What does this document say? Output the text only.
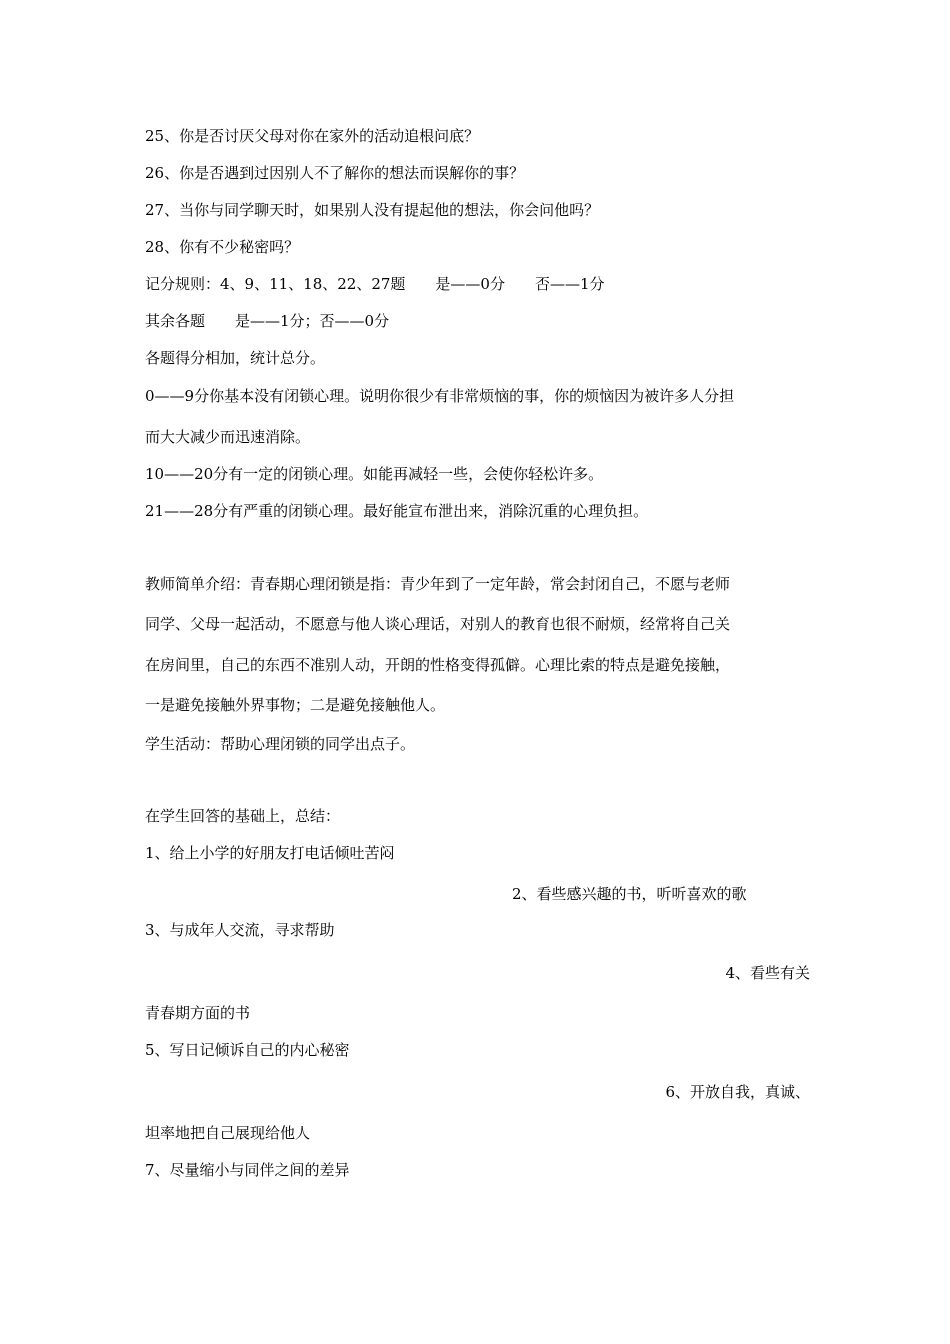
25、你是否讨厌父母对你在家外的活动追根问底？
26、你是否遇到过因别人不了解你的想法而误解你的事？
27、当你与同学聊天时，如果别人没有提起他的想法，你会问他吗？
28、你有不少秘密吗？
记分规则：4、9、11、18、22、27题　　是——0分　　否——1分
其余各题　　是——1分；否——0分
各题得分相加，统计总分。
0——9分你基本没有闭锁心理。说明你很少有非常烦恼的事，你的烦恼因为被许多人分担
而大大减少而迅速消除。
10——20分有一定的闭锁心理。如能再减轻一些，会使你轻松许多。
21——28分有严重的闭锁心理。最好能宣布泄出来，消除沉重的心理负担。
教师简单介绍：青春期心理闭锁是指：青少年到了一定年龄，常会封闭自己，不愿与老师
同学、父母一起活动，不愿意与他人谈心理话，对别人的教育也很不耐烦，经常将自己关
在房间里，自己的东西不准别人动，开朗的性格变得孤僻。心理比索的特点是避免接触，
一是避免接触外界事物；二是避免接触他人。
学生活动：帮助心理闭锁的同学出点子。
在学生回答的基础上，总结：
1、给上小学的好朋友打电话倾吐苦闷
2、看些感兴趣的书，听听喜欢的歌
3、与成年人交流，寻求帮助
4、看些有关
青春期方面的书
5、写日记倾诉自己的内心秘密
6、开放自我，真诚、
坦率地把自己展现给他人
7、尽量缩小与同伴之间的差异
